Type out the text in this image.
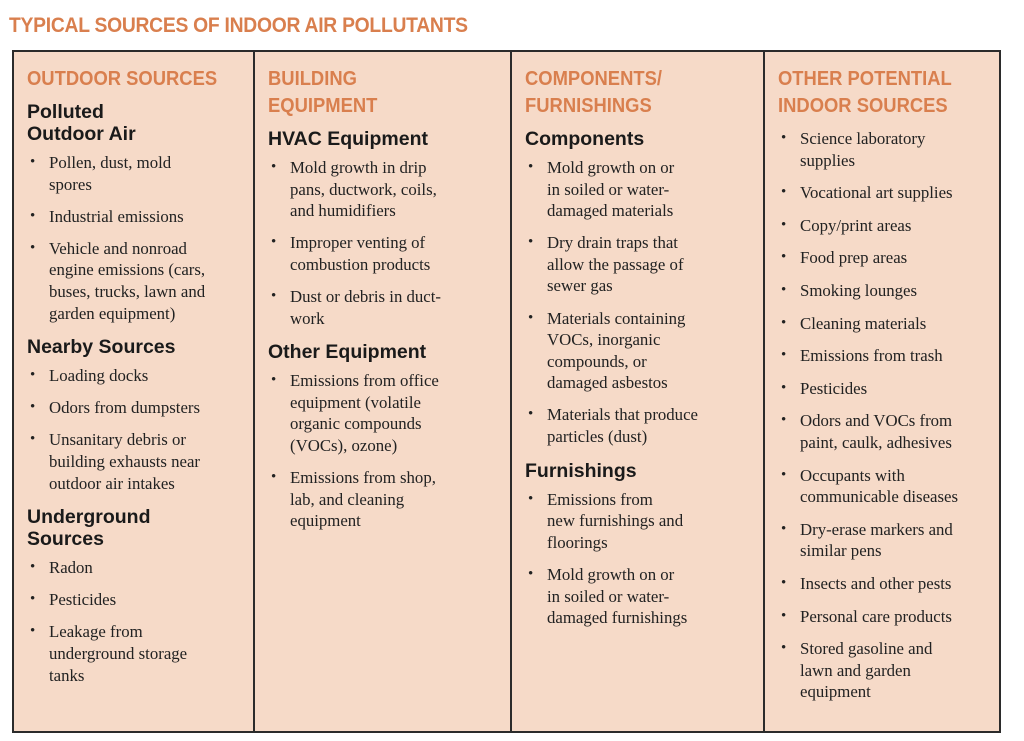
TYPICAL SOURCES OF INDOOR AIR POLLUTANTS
OUTDOOR SOURCES
Polluted
Outdoor Air
• Pollen, dust, mold
spores
• Industrial emissions
• Vehicle and nonroad
engine emissions (cars,
buses, trucks, lawn and
garden equipment)
Nearby Sources
• Loading docks
• Odors from dumpsters
• Unsanitary debris or
building exhausts near
outdoor air intakes
Underground
Sources
• Radon
• Pesticides
• Leakage from
underground storage
tanks
BUILDING
EQUIPMENT
HVAC Equipment
• Mold growth in drip
pans, ductwork, coils,
and humidifiers
• Improper venting of
combustion products
• Dust or debris in duct-
work
Other Equipment
• Emissions from office
equipment (volatile
organic compounds
(VOCs), ozone)
• Emissions from shop,
lab, and cleaning
equipment
COMPONENTS/
FURNISHINGS
Components
• Mold growth on or
in soiled or water-
damaged materials
• Dry drain traps that
allow the passage of
sewer gas
• Materials containing
VOCs, inorganic
compounds, or
damaged asbestos
• Materials that produce
particles (dust)
Furnishings
• Emissions from
new furnishings and
floorings
• Mold growth on or
in soiled or water-
damaged furnishings
OTHER POTENTIAL
INDOOR SOURCES
• Science laboratory
supplies
• Vocational art supplies
• Copy/print areas
• Food prep areas
• Smoking lounges
• Cleaning materials
• Emissions from trash
• Pesticides
• Odors and VOCs from
paint, caulk, adhesives
• Occupants with
communicable diseases
• Dry-erase markers and
similar pens
• Insects and other pests
• Personal care products
• Stored gasoline and
lawn and garden
equipment
